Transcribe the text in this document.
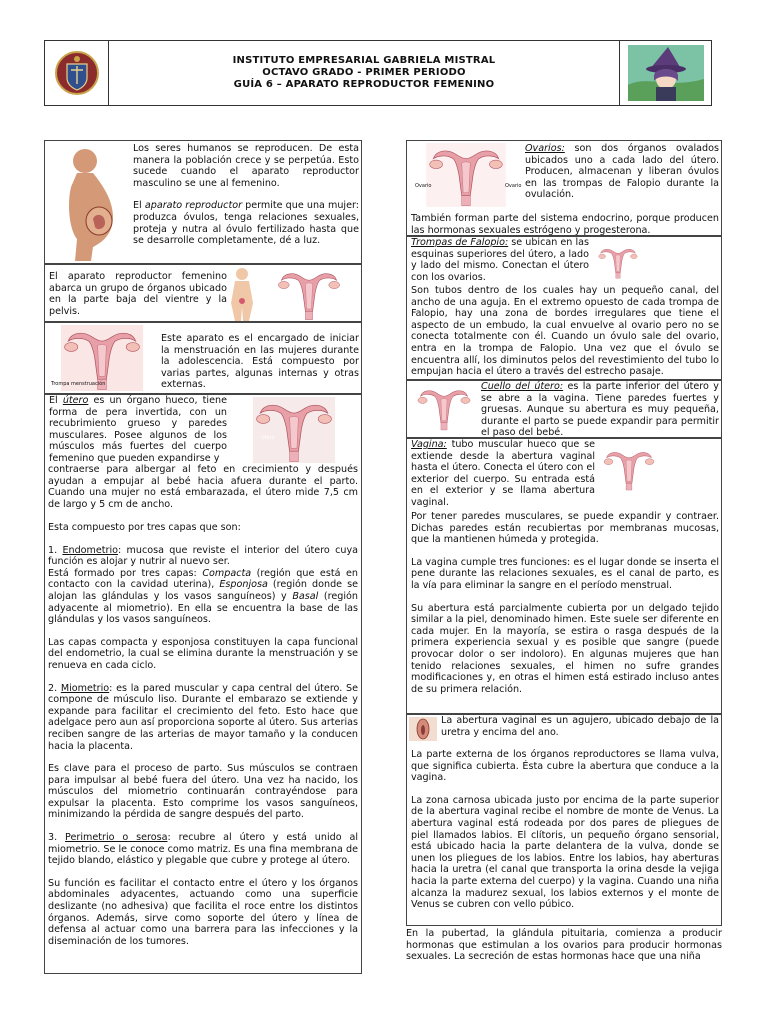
INSTITUTO EMPRESARIAL GABRIELA MISTRAL
OCTAVO GRADO - PRIMER PERIODO
GUÍA 6 – APARATO REPRODUCTOR FEMENINO

Los seres humanos se reproducen. De esta manera la población crece y se perpetúa. Esto sucede cuando el aparato reproductor masculino se une al femenino.

El aparato reproductor permite que una mujer: produzca óvulos, tenga relaciones sexuales, proteja y nutra al óvulo fertilizado hasta que se desarrolle completamente, dé a luz.

El aparato reproductor femenino abarca un grupo de órganos ubicado en la parte baja del vientre y la pelvis.
Trompa menstruación
Este aparato es el encargado de iniciar la menstruación en las mujeres durante la adolescencia. Está compuesto por varias partes, algunas internas y otras externas.
Útero
El útero es un órgano hueco, tiene forma de pera invertida, con un recubrimiento grueso y paredes musculares. Posee algunos de los músculos más fuertes del cuerpo femenino que pueden expandirse y
contraerse para albergar al feto en crecimiento y después ayudan a empujar al bebé hacia afuera durante el parto. Cuando una mujer no está embarazada, el útero mide 7,5 cm de largo y 5 cm de ancho.

Esta compuesto por tres capas que son:

1. Endometrio: mucosa que reviste el interior del útero cuya función es alojar y nutrir al nuevo ser.

Está formado por tres capas: Compacta (región que está en contacto con la cavidad uterina), Esponjosa (región donde se alojan las glándulas y los vasos sanguíneos) y Basal (región adyacente al miometrio). En ella se encuentra la base de las glándulas y los vasos sanguíneos.

Las capas compacta y esponjosa constituyen la capa funcional del endometrio, la cual se elimina durante la menstruación y se renueva en cada ciclo.

2. Miometrio: es la pared muscular y capa central del útero. Se compone de músculo liso. Durante el embarazo se extiende y expande para facilitar el crecimiento del feto. Esto hace que adelgace pero aun así proporciona soporte al útero. Sus arterias reciben sangre de las arterias de mayor tamaño y la conducen hacia la placenta.

Es clave para el proceso de parto. Sus músculos se contraen para impulsar al bebé fuera del útero. Una vez ha nacido, los músculos del miometrio continuarán contrayéndose para expulsar la placenta. Esto comprime los vasos sanguíneos, minimizando la pérdida de sangre después del parto.

3. Perimetrio o serosa: recubre al útero y está unido al miometrio. Se le conoce como matriz. Es una fina membrana de tejido blando, elástico y plegable que cubre y protege al útero.

Su función es facilitar el contacto entre el útero y los órganos abdominales adyacentes, actuando como una superficie deslizante (no adhesiva) que facilita el roce entre los distintos órganos. Además, sirve como soporte del útero y línea de defensa al actuar como una barrera para las infecciones y la diseminación de los tumores.

Ovario	Ovario
Ovarios: son dos órganos ovalados ubicados uno a cada lado del útero. Producen, almacenan y liberan óvulos en las trompas de Falopio durante la ovulación.
También forman parte del sistema endocrino, porque producen las hormonas sexuales estrógeno y progesterona.
Trompas de Falopio: se ubican en las esquinas superiores del útero, a lado y lado del mismo. Conectan el útero con los ovarios.
Son tubos dentro de los cuales hay un pequeño canal, del ancho de una aguja. En el extremo opuesto de cada trompa de Falopio, hay una zona de bordes irregulares que tiene el aspecto de un embudo, la cual envuelve al ovario pero no se conecta totalmente con él. Cuando un óvulo sale del ovario, entra en la trompa de Falopio. Una vez que el óvulo se encuentra allí, los diminutos pelos del revestimiento del tubo lo empujan hacia el útero a través del estrecho pasaje.
Cuello del útero: es la parte inferior del útero y se abre a la vagina. Tiene paredes fuertes y gruesas. Aunque su abertura es muy pequeña, durante el parto se puede expandir para permitir el paso del bebé.
Vagina: tubo muscular hueco que se extiende desde la abertura vaginal hasta el útero. Conecta el útero con el exterior del cuerpo. Su entrada está en el exterior y se llama abertura vaginal.

Por tener paredes musculares, se puede expandir y contraer. Dichas paredes están recubiertas por membranas mucosas, que la mantienen húmeda y protegida.

La vagina cumple tres funciones: es el lugar donde se inserta el pene durante las relaciones sexuales, es el canal de parto, es la vía para eliminar la sangre en el período menstrual.

Su abertura está parcialmente cubierta por un delgado tejido similar a la piel, denominado himen. Este suele ser diferente en cada mujer. En la mayoría, se estira o rasga después de la primera experiencia sexual y es posible que sangre (puede provocar dolor o ser indoloro). En algunas mujeres que han tenido relaciones sexuales, el himen no sufre grandes modificaciones y, en otras el himen está estirado incluso antes de su primera relación.

La abertura vaginal es un agujero, ubicado debajo de la uretra y encima del ano.

La parte externa de los órganos reproductores se llama vulva, que significa cubierta. Ésta cubre la abertura que conduce a la vagina.

La zona carnosa ubicada justo por encima de la parte superior de la abertura vaginal recibe el nombre de monte de Venus. La abertura vaginal está rodeada por dos pares de pliegues de piel llamados labios. El clítoris, un pequeño órgano sensorial, está ubicado hacia la parte delantera de la vulva, donde se unen los pliegues de los labios. Entre los labios, hay aberturas hacia la uretra (el canal que transporta la orina desde la vejiga hacia la parte externa del cuerpo) y la vagina. Cuando una niña alcanza la madurez sexual, los labios externos y el monte de Venus se cubren con vello púbico.

En la pubertad, la glándula pituitaria, comienza a producir hormonas que estimulan a los ovarios para producir hormonas sexuales. La secreción de estas hormonas hace que una niña
